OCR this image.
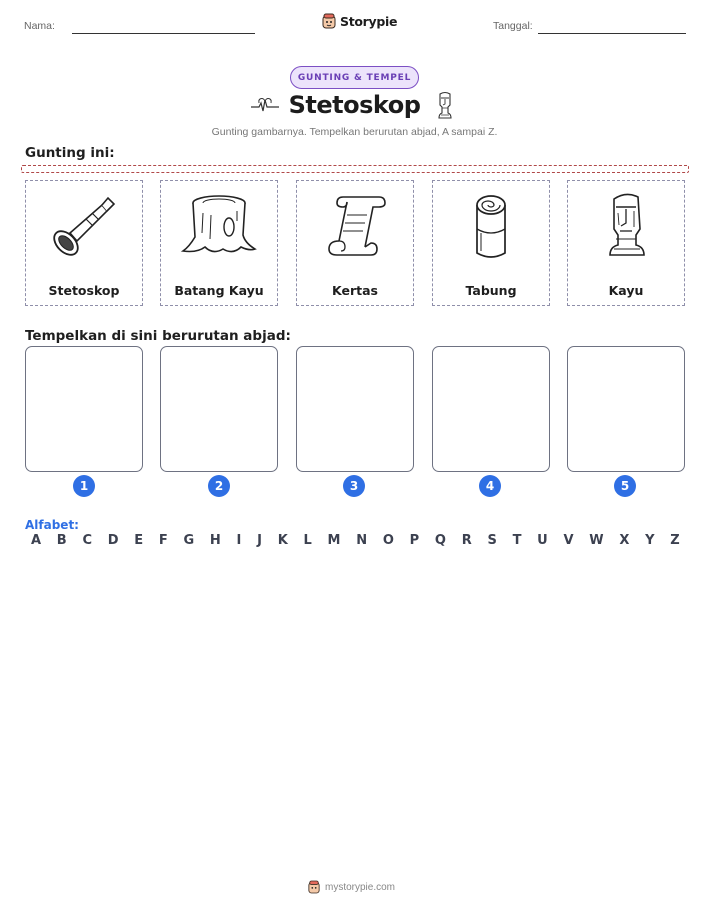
Nama:	Storypie	Tanggal:
GUNTING & TEMPEL
Stetoskop
Gunting gambarnya. Tempelkan berurutan abjad, A sampai Z.
Gunting ini:
Stetoskop	Batang Kayu	Kertas	Tabung	Kayu
Tempelkan di sini berurutan abjad:
1	2	3	4	5
Alfabet:
A B C D E F G H I J K L M N O P Q R S T U V W X Y Z
mystorypie.com
